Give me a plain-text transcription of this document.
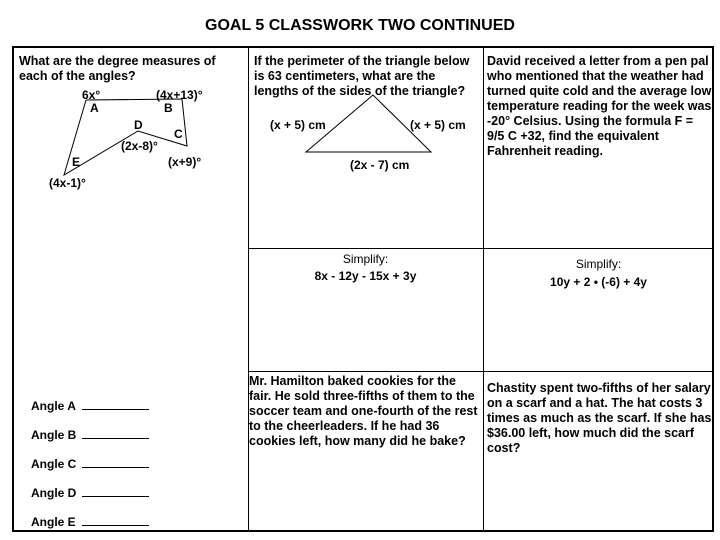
GOAL 5 CLASSWORK TWO CONTINUED
What are the degree measures of each of the angles?
6x°	(4x+13)°
A	B
D
C
(2x-8)°
(x+9)°
E
(4x-1)°
Angle A
Angle B
Angle C
Angle D
Angle E
If the perimeter of the triangle below is 63 centimeters, what are the lengths of the sides of the triangle?
(x + 5) cm	(x + 5) cm
(2x - 7) cm
David received a letter from a pen pal who mentioned that the weather had turned quite cold and the average low temperature reading for the week was -20° Celsius. Using the formula F = 9/5 C +32, find the equivalent Fahrenheit reading.
Simplify:
8x - 12y - 15x + 3y
Simplify:
10y + 2 • (-6) + 4y
Mr. Hamilton baked cookies for the fair. He sold three-fifths of them to the soccer team and one-fourth of the rest to the cheerleaders. If he had 36 cookies left, how many did he bake?
Chastity spent two-fifths of her salary on a scarf and a hat. The hat costs 3 times as much as the scarf. If she has $36.00 left, how much did the scarf cost?
